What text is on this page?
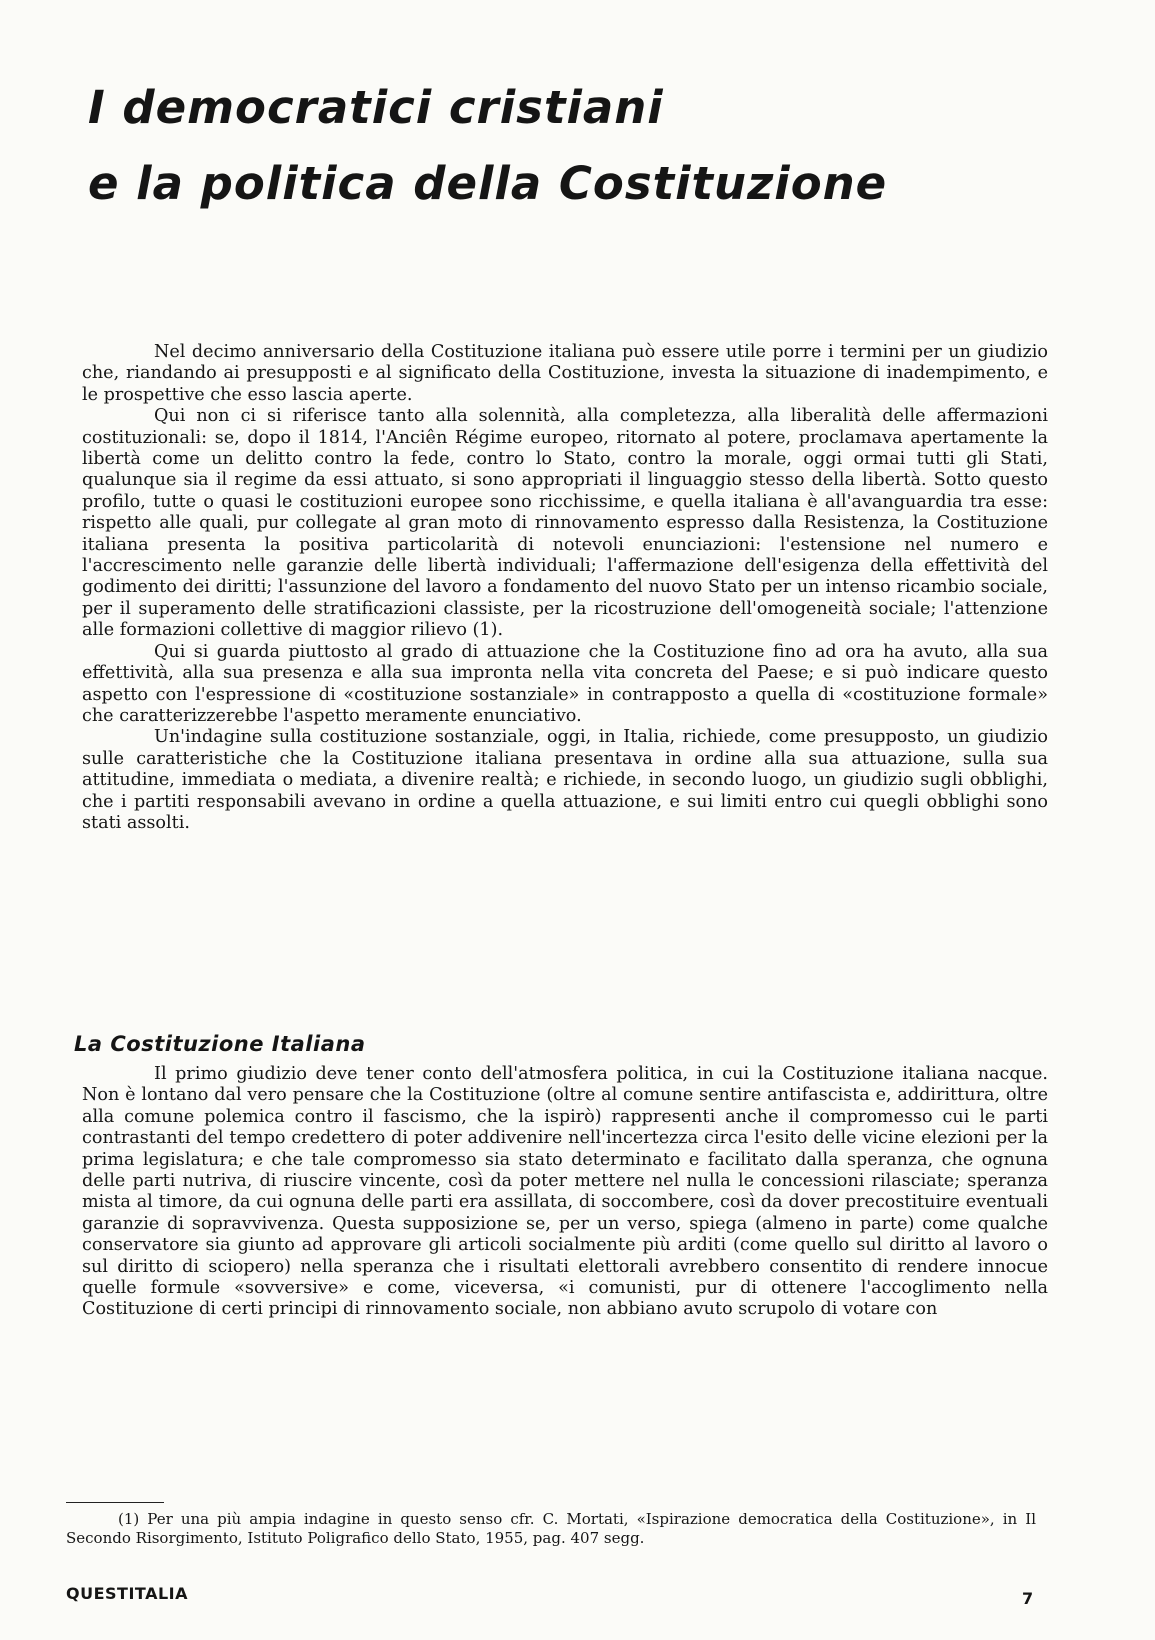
I democratici cristiani
e la politica della Costituzione

Nel decimo anniversario della Costituzione italiana può essere utile porre i termini per un giudizio che, riandando ai presupposti e al significato della Costituzione, investa la situazione di inadempimento, e le prospettive che esso lascia aperte.

Qui non ci si riferisce tanto alla solennità, alla completezza, alla liberalità delle affermazioni costituzionali: se, dopo il 1814, l'Anciên Régime europeo, ritornato al potere, proclamava apertamente la libertà come un delitto contro la fede, contro lo Stato, contro la morale, oggi ormai tutti gli Stati, qualunque sia il regime da essi attuato, si sono appropriati il linguaggio stesso della libertà. Sotto questo profilo, tutte o quasi le costituzioni europee sono ricchissime, e quella italiana è all'avanguardia tra esse: rispetto alle quali, pur collegate al gran moto di rinnovamento espresso dalla Resistenza, la Costituzione italiana presenta la positiva particolarità di notevoli enunciazioni: l'estensione nel numero e l'accrescimento nelle garanzie delle libertà individuali; l'affermazione dell'esigenza della effettività del godimento dei diritti; l'assunzione del lavoro a fondamento del nuovo Stato per un intenso ricambio sociale, per il superamento delle stratificazioni classiste, per la ricostruzione dell'omogeneità sociale; l'attenzione alle formazioni collettive di maggior rilievo (1).

Qui si guarda piuttosto al grado di attuazione che la Costituzione fino ad ora ha avuto, alla sua effettività, alla sua presenza e alla sua impronta nella vita concreta del Paese; e si può indicare questo aspetto con l'espressione di «costituzione sostanziale» in contrapposto a quella di «costituzione formale» che caratterizzerebbe l'aspetto meramente enunciativo.

Un'indagine sulla costituzione sostanziale, oggi, in Italia, richiede, come presupposto, un giudizio sulle caratteristiche che la Costituzione italiana presentava in ordine alla sua attuazione, sulla sua attitudine, immediata o mediata, a divenire realtà; e richiede, in secondo luogo, un giudizio sugli obblighi, che i partiti responsabili avevano in ordine a quella attuazione, e sui limiti entro cui quegli obblighi sono stati assolti.

La Costituzione Italiana

Il primo giudizio deve tener conto dell'atmosfera politica, in cui la Costituzione italiana nacque. Non è lontano dal vero pensare che la Costituzione (oltre al comune sentire antifascista e, addirittura, oltre alla comune polemica contro il fascismo, che la ispirò) rappresenti anche il compromesso cui le parti contrastanti del tempo credettero di poter addivenire nell'incertezza circa l'esito delle vicine elezioni per la prima legislatura; e che tale compromesso sia stato determinato e facilitato dalla speranza, che ognuna delle parti nutriva, di riuscire vincente, così da poter mettere nel nulla le concessioni rilasciate; speranza mista al timore, da cui ognuna delle parti era assillata, di soccombere, così da dover precostituire eventuali garanzie di sopravvivenza. Questa supposizione se, per un verso, spiega (almeno in parte) come qualche conservatore sia giunto ad approvare gli articoli socialmente più arditi (come quello sul diritto al lavoro o sul diritto di sciopero) nella speranza che i risultati elettorali avrebbero consentito di rendere innocue quelle formule «sovversive» e come, viceversa, «i comunisti, pur di ottenere l'accoglimento nella Costituzione di certi principi di rinnovamento sociale, non abbiano avuto scrupolo di votare con

(1) Per una più ampia indagine in questo senso cfr. C. Mortati, «Ispirazione democratica della Costituzione», in Il Secondo Risorgimento, Istituto Poligrafico dello Stato, 1955, pag. 407 segg.

QUESTITALIA	7
